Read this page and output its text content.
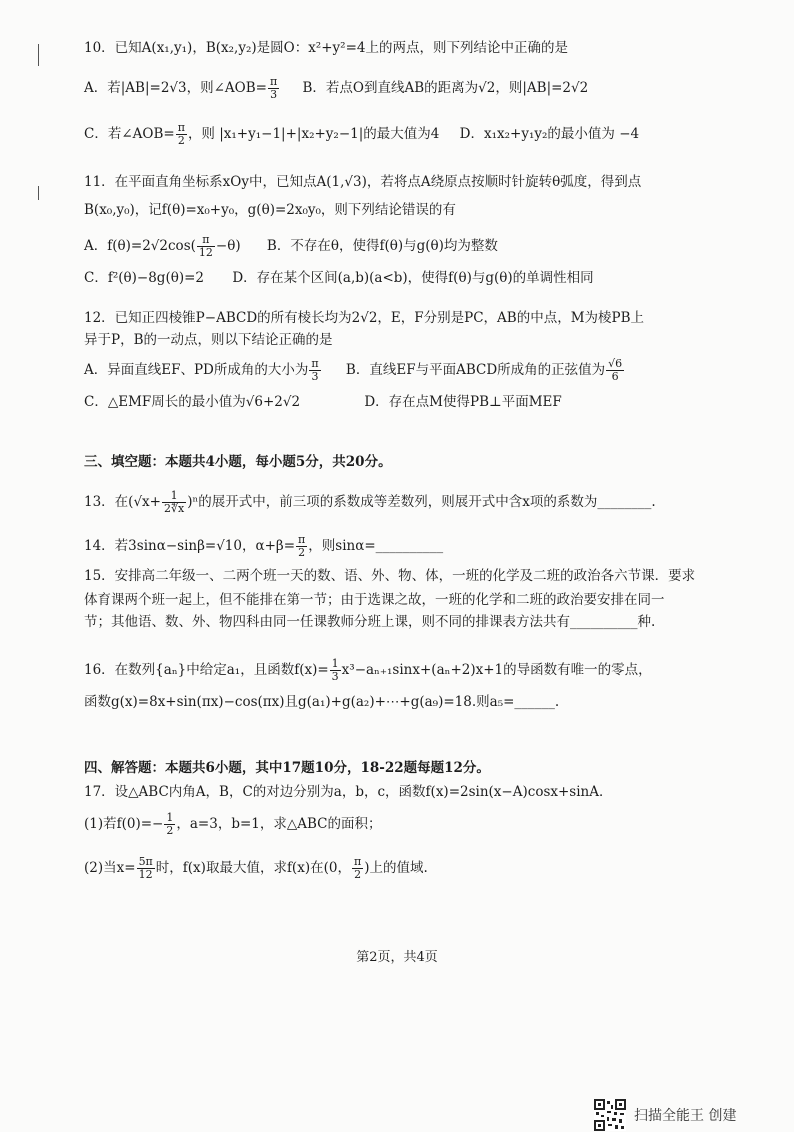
10．已知A(x₁,y₁)，B(x₂,y₂)是圆O：x²+y²=4上的两点，则下列结论中正确的是
A．若|AB|=2√3，则∠AOB= $\frac{\pi}{3}$ B．若点O到直线AB的距离为√2，则|AB|=2√2
C．若∠AOB= $\frac{\pi}{2}$ ，则 |x₁+y₁−1|+|x₂+y₂−1|的最大值为4 D．x₁x₂+y₁y₂的最小值为 −4
11．在平面直角坐标系xOy中，已知点A(1,√3)，若将点A绕原点按顺时针旋转θ弧度，得到点
B(x₀,y₀)，记f(θ)=x₀+y₀，g(θ)=2x₀y₀，则下列结论错误的有
A．$f(\theta)=2√2\cos( \frac{\pi}{12} -\theta)$ B．不存在θ，使得f(θ)与g(θ)均为整数
C．f²(θ)−8g(θ)=2 D．存在某个区间(a,b)(a<b)，使得f(θ)与g(θ)的单调性相同
12．已知正四棱锥P−ABCD的所有棱长均为2√2，E，F分别是PC，AB的中点，M为棱PB上
异于P，B的一动点，则以下结论正确的是
A．异面直线EF、PD所成角的大小为 $\frac{\pi}{3}$ B．直线EF与平面ABCD所成角的正弦值为 $\frac{√6}{6}$
C．△EMF周长的最小值为√6+2√2	D．存在点M使得PB⊥平面MEF
三、填空题：本题共4小题，每小题5分，共20分。
13．在$(√x+ \frac{1}{2∜x} )^n$的展开式中，前三项的系数成等差数列，则展开式中含x项的系数为________.
14．若3sinα−sinβ=√10，$\alpha+\beta= \frac{\pi}{2}$ ，则sinα=__________
15．安排高二年级一、二两个班一天的数、语、外、物、体，一班的化学及二班的政治各六节课．要求
体育课两个班一起上，但不能排在第一节；由于选课之故，一班的化学和二班的政治要安排在同一
节；其他语、数、外、物四科由同一任课教师分班上课，则不同的排课表方法共有__________种.
16．在数列{aₙ}中给定a₁，且函数$f(x)= \frac{1}{3} x^3-a_{n+1}\sin x+(a_n+2)x+1$的导函数有唯一的零点，
函数g(x)=8x+sin(πx)−cos(πx)且g(a₁)+g(a₂)+⋯+g(a₉)=18.则a₅=______.
四、解答题：本题共6小题，其中17题10分，18-22题每题12分。
17．设△ABC内角A，B，C的对边分别为a，b，c，函数f(x)=2sin(x−A)cosx+sinA．
(1)若$f(0)=- \frac{1}{2}$ ，a=3，b=1，求△ABC的面积；
(2)当$x= \frac{5\pi}{12}$ 时，f(x)取最大值，求f(x)在(0， $\frac{\pi}{2}$ )上的值域.
第2页，共4页
扫描全能王 创建
